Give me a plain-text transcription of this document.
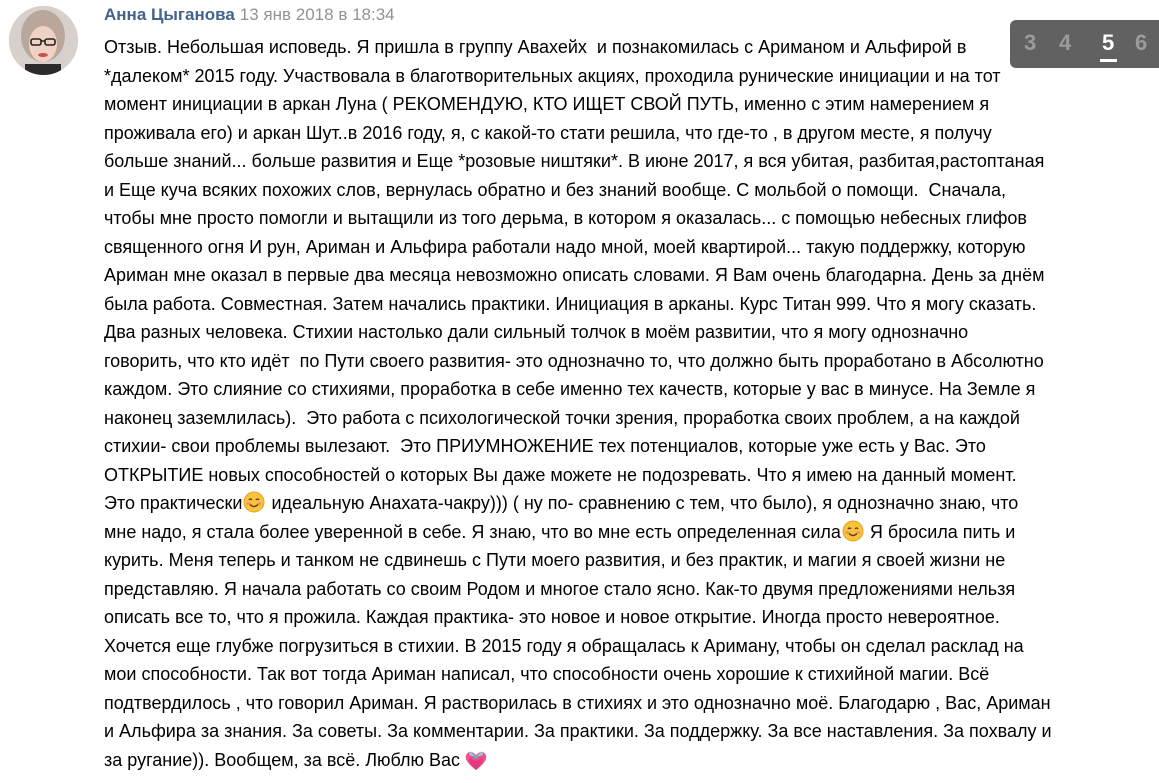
Анна Цыганова 13 янв 2018 в 18:34
Отзыв. Небольшая исповедь. Я пришла в группу Авахейх  и познакомилась с Ариманом и Альфирой в
*далеком* 2015 году. Участвовала в благотворительных акциях, проходила рунические инициации и на тот
момент инициации в аркан Луна ( РЕКОМЕНДУЮ, КТО ИЩЕТ СВОЙ ПУТЬ, именно с этим намерением я
проживала его) и аркан Шут..в 2016 году, я, с какой-то стати решила, что где-то , в другом месте, я получу
больше знаний... больше развития и Еще *розовые ништяки*. В июне 2017, я вся убитая, разбитая,растоптаная
и Еще куча всяких похожих слов, вернулась обратно и без знаний вообще. С мольбой о помощи.  Сначала,
чтобы мне просто помогли и вытащили из того дерьма, в котором я оказалась... с помощью небесных глифов
священного огня И рун, Ариман и Альфира работали надо мной, моей квартирой... такую поддержку, которую
Ариман мне оказал в первые два месяца невозможно описать словами. Я Вам очень благодарна. День за днём
была работа. Совместная. Затем начались практики. Инициация в арканы. Курс Титан 999. Что я могу сказать.
Два разных человека. Стихии настолько дали сильный толчок в моём развитии, что я могу однозначно
говорить, что кто идёт  по Пути своего развития- это однозначно то, что должно быть проработано в Абсолютно
каждом. Это слияние со стихиями, проработка в себе именно тех качеств, которые у вас в минусе. На Земле я
наконец заземлилась).  Это работа с психологической точки зрения, проработка своих проблем, а на каждой
стихии- свои проблемы вылезают.  Это ПРИУМНОЖЕНИЕ тех потенциалов, которые уже есть у Вас. Это
ОТКРЫТИЕ новых способностей о которых Вы даже можете не подозревать. Что я имею на данный момент.
Это практически
идеальную Анахата-чакру))) ( ну по- сравнению с тем, что было), я однозначно знаю, что
мне надо, я стала более уверенной в себе. Я знаю, что во мне есть определенная сила
Я бросила пить и
курить. Меня теперь и танком не сдвинешь с Пути моего развития, и без практик, и магии я своей жизни не
представляю. Я начала работать со своим Родом и многое стало ясно. Как-то двумя предложениями нельзя
описать все то, что я прожила. Каждая практика- это новое и новое открытие. Иногда просто невероятное.
Хочется еще глубже погрузиться в стихии. В 2015 году я обращалась к Ариману, чтобы он сделал расклад на
мои способности. Так вот тогда Ариман написал, что способности очень хорошие к стихийной магии. Всё
подтвердилось , что говорил Ариман. Я растворилась в стихиях и это однозначно моё. Благодарю , Вас, Ариман
и Альфира за знания. За советы. За комментарии. За практики. За поддержку. За все наставления. За похвалу и
за ругание)). Вообщем, за всё. Люблю Вас
3 4 5 6
